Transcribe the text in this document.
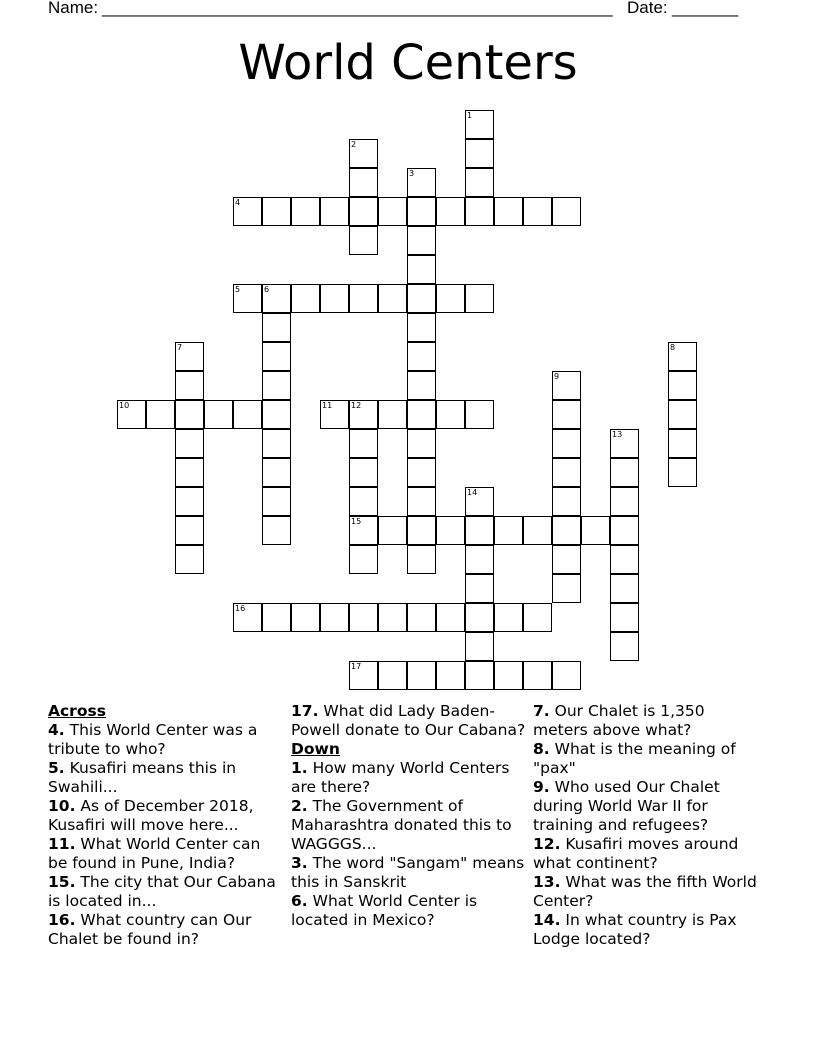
Name: ______________________________________________________ Date: _______
World Centers
1
2
3
4
5	6
7	8
9
10	11 12
13
14
15
16
17
Across
4. This World Center was a tribute to who?
5. Kusafiri means this in Swahili...
10. As of December 2018, Kusafiri will move here...
11. What World Center can be found in Pune, India?
15. The city that Our Cabana is located in...
16. What country can Our Chalet be found in?
17. What did Lady Baden-Powell donate to Our Cabana?
Down
1. How many World Centers are there?
2. The Government of Maharashtra donated this to WAGGGS...
3. The word "Sangam" means this in Sanskrit
6. What World Center is located in Mexico?
7. Our Chalet is 1,350 meters above what?
8. What is the meaning of "pax"
9. Who used Our Chalet during World War II for training and refugees?
12. Kusafiri moves around what continent?
13. What was the fifth World Center?
14. In what country is Pax Lodge located?
